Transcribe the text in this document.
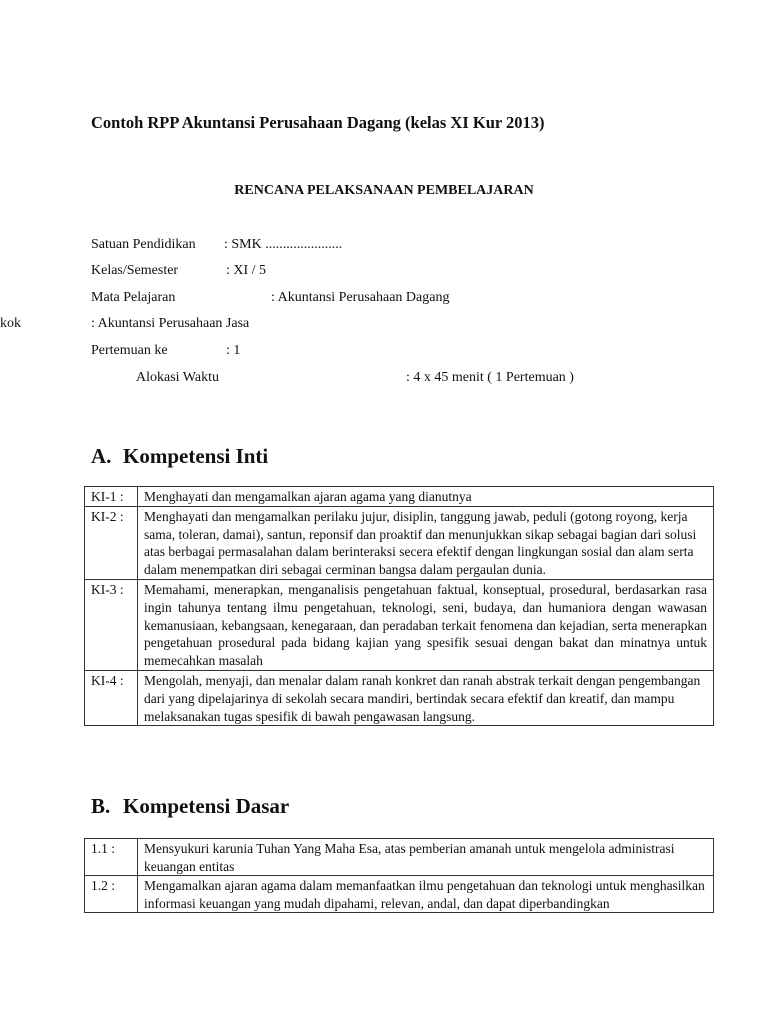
Contoh RPP Akuntansi Perusahaan Dagang (kelas XI Kur 2013)
RENCANA PELAKSANAAN PEMBELAJARAN
Satuan Pendidikan : SMK ......................
Kelas/Semester	: XI / 5
Mata Pelajaran	: Akuntansi Perusahaan Dagang
kok	: Akuntansi Perusahaan Jasa
Pertemuan ke	: 1
Alokasi Waktu	: 4 x 45 menit ( 1 Pertemuan )
A. Kompetensi Inti
KI-1 :	Menghayati dan mengamalkan ajaran agama yang dianutnya
KI-2 :	Menghayati dan mengamalkan perilaku jujur, disiplin, tanggung jawab, peduli (gotong royong, kerja sama, toleran, damai), santun, reponsif dan proaktif dan menunjukkan sikap sebagai bagian dari solusi atas berbagai permasalahan dalam berinteraksi secera efektif dengan lingkungan sosial dan alam serta dalam menempatkan diri sebagai cerminan bangsa dalam pergaulan dunia.
KI-3 :	Memahami, menerapkan, menganalisis pengetahuan faktual, konseptual, prosedural, berdasarkan rasa ingin tahunya tentang ilmu pengetahuan, teknologi, seni, budaya, dan humaniora dengan wawasan kemanusiaan, kebangsaan, kenegaraan, dan peradaban terkait fenomena dan kejadian, serta menerapkan pengetahuan prosedural pada bidang kajian yang spesifik sesuai dengan bakat dan minatnya untuk memecahkan masalah
KI-4 :	Mengolah, menyaji, dan menalar dalam ranah konkret dan ranah abstrak terkait dengan pengembangan dari yang dipelajarinya di sekolah secara mandiri, bertindak secara efektif dan kreatif, dan mampu melaksanakan tugas spesifik di bawah pengawasan langsung.
B. Kompetensi Dasar
1.1 :	Mensyukuri karunia Tuhan Yang Maha Esa, atas pemberian amanah untuk mengelola administrasi keuangan entitas
1.2 :	Mengamalkan ajaran agama dalam memanfaatkan ilmu pengetahuan dan teknologi untuk menghasilkan informasi keuangan yang mudah dipahami, relevan, andal, dan dapat diperbandingkan
